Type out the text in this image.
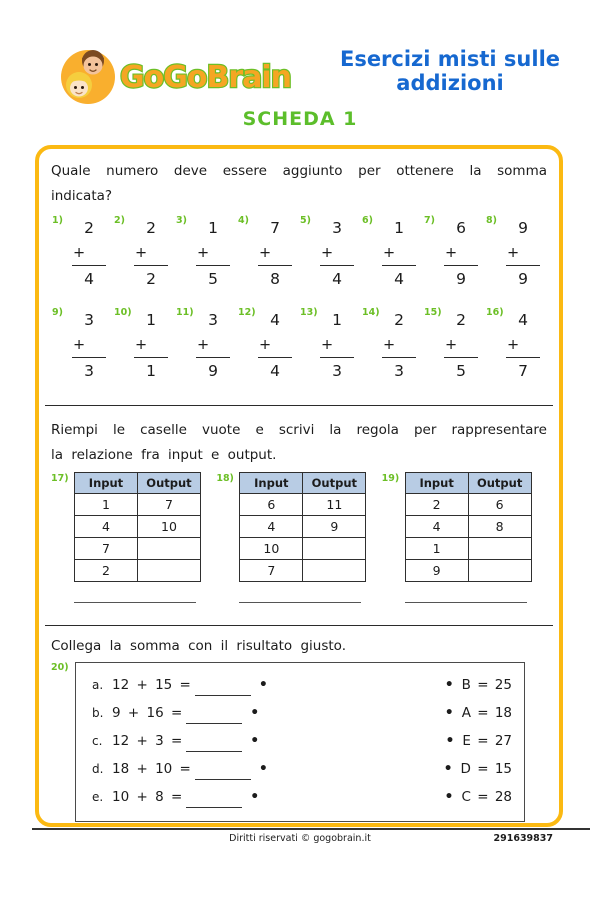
GoGoBrain
Esercizi misti sulle
addizioni
SCHEDA 1
Quale numero deve essere aggiunto per ottenere la somma
indicata?
1)	2
+
4
2)	2
+
2
3)	1
+
5
4)	7
+
8
5)	3
+
4
6)	1
+
4
7)	6
+
9
8)	9
+
9
9)	3
+
3
10) 1
+
1
11) 3
+
9
12) 4
+
4
13) 1
+
3
14) 2
+
3
15) 2
+
5
16) 4
+
7
Riempi le caselle vuote e scrivi la regola per rappresentare
la relazione fra input e output.
17) Input	Output
1	7
4	10
7	
2	
18) Input	Output
6	11
4	9
10	
7	
19) Input	Output
2	6
4	8
1	
9	
Collega la somma con il risultato giusto.
20)
a. 12 + 15 =	•	• B = 25
b. 9 + 16 =	•	• A = 18
c. 12 + 3 =	•	• E = 27
d. 18 + 10 =	•	• D = 15
e. 10 + 8 =	•	• C = 28
Diritti riservati © gogobrain.it	291639837
